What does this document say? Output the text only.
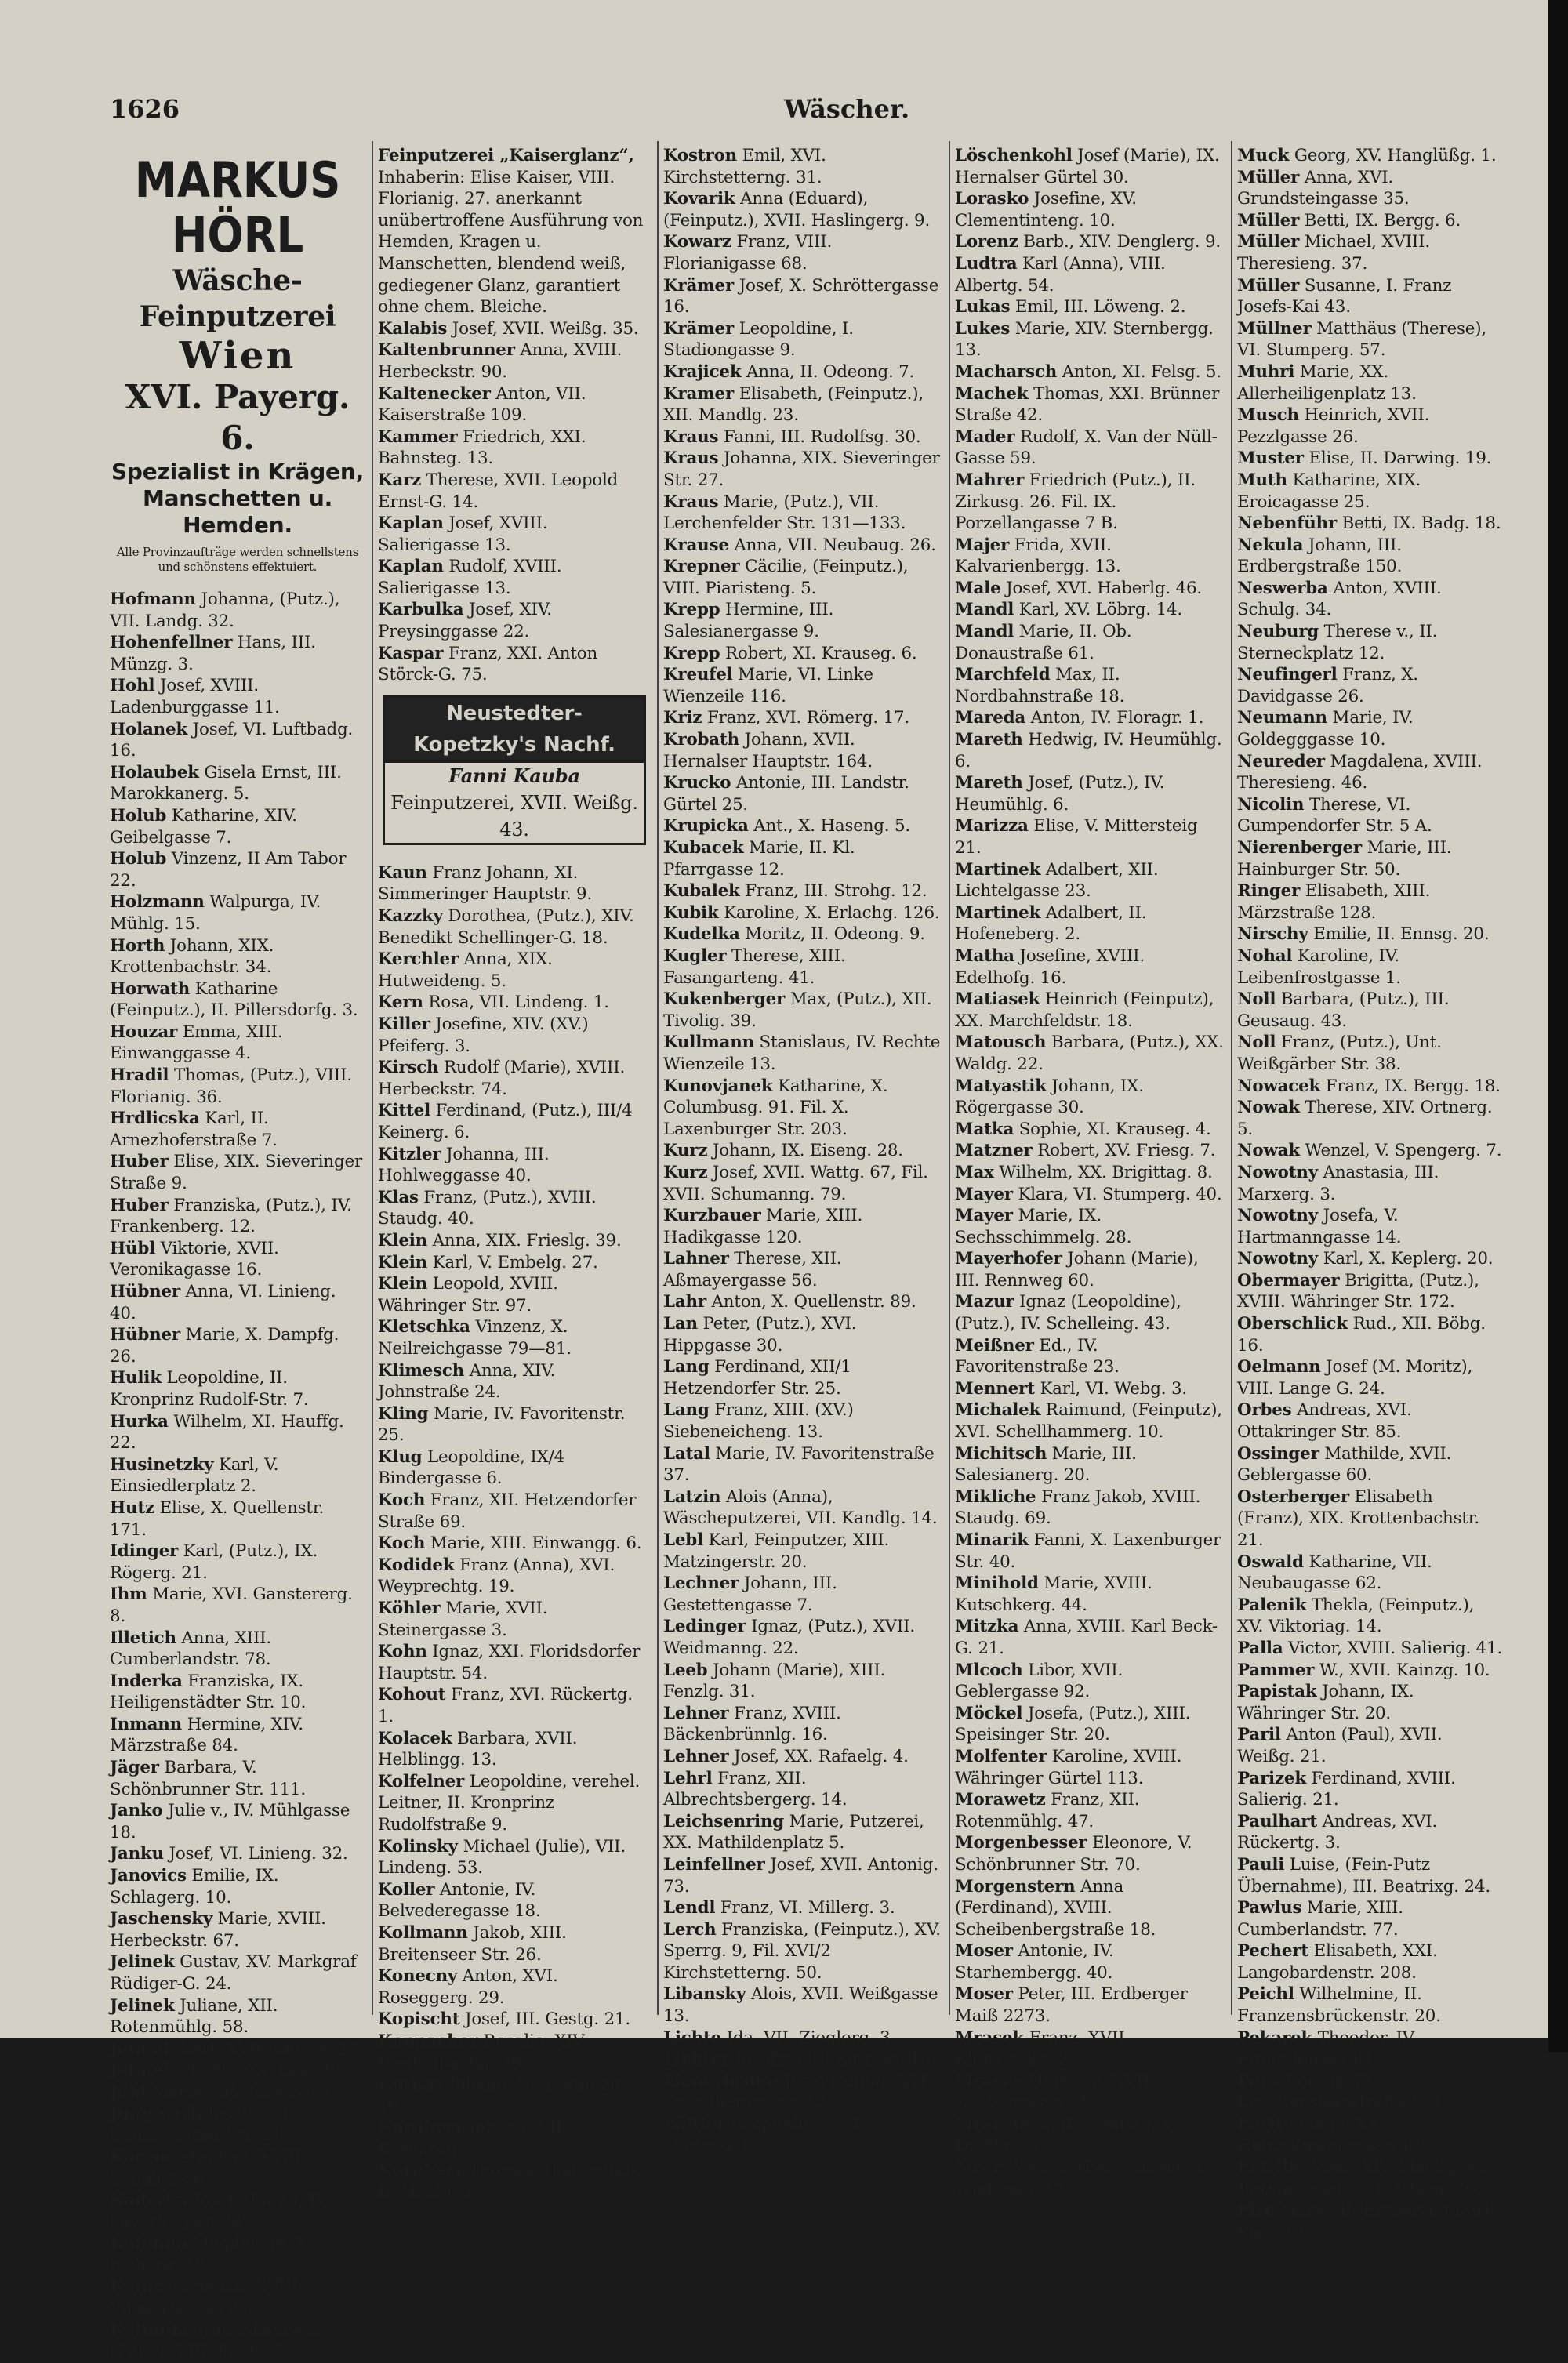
1626	Wäscher.
MARKUS HÖRL
Wäsche-Feinputzerei
Wien
XVI. Payerg. 6.
Spezialist in Krägen,
Manschetten u. Hemden.
Alle Provinzaufträge werden schnellstens und schönstens effektuiert.
Hofmann Johanna, (Putz.), VII. Landg. 32.
Hohenfellner Hans, III. Münzg. 3.
Hohl Josef, XVIII. Ladenburggasse 11.
Holanek Josef, VI. Luftbadg. 16.
Holaubek Gisela Ernst, III. Marokkanerg. 5.
Holub Katharine, XIV. Geibelgasse 7.
Holub Vinzenz, II Am Tabor 22.
Holzmann Walpurga, IV. Mühlg. 15.
Horth Johann, XIX. Krottenbachstr. 34.
Horwath Katharine (Feinputz.), II. Pillersdorfg. 3.
Houzar Emma, XIII. Einwanggasse 4.
Hradil Thomas, (Putz.), VIII. Florianig. 36.
Hrdlicska Karl, II. Arnezhoferstraße 7.
Huber Elise, XIX. Sieveringer Straße 9.
Huber Franziska, (Putz.), IV. Frankenberg. 12.
Hübl Viktorie, XVII. Veronikagasse 16.
Hübner Anna, VI. Linieng. 40.
Hübner Marie, X. Dampfg. 26.
Hulik Leopoldine, II. Kronprinz Rudolf-Str. 7.
Hurka Wilhelm, XI. Hauffg. 22.
Husinetzky Karl, V. Einsiedlerplatz 2.
Hutz Elise, X. Quellenstr. 171.
Idinger Karl, (Putz.), IX. Rögerg. 21.
Ihm Marie, XVI. Ganstererg. 8.
Illetich Anna, XIII. Cumberlandstr. 78.
Inderka Franziska, IX. Heiligenstädter Str. 10.
Inmann Hermine, XIV. Märzstraße 84.
Jäger Barbara, V. Schönbrunner Str. 111.
Janko Julie v., IV. Mühlgasse 18.
Janku Josef, VI. Linieng. 32.
Janovics Emilie, IX. Schlagerg. 10.
Jaschensky Marie, XVIII. Herbeckstr. 67.
Jelinek Gustav, XV. Markgraf Rüdiger-G. 24.
Jelinek Juliane, XII. Rotenmühlg. 58.
Jelinek Karl, XVII. Kulmg. 27.
Jelinek Thekla, XV. Leig. 9.
Jokl Marie, XIV. Grenzg. 3.
Jungwirth Josef, XIII. Baumgartner Str. 21.
Kaczor Stephan, XVIII. Schulgasse 7.
Kaderka Josef, (Putz.), IV. Favoritenstr. 28.
Kafendo Magdalene, XVI. Huberg. 18.
Kainz Christian, XVIII. Vinzenzgasse 24.
Kaltenbrunner Laurenz, (Putz.), VIII. Pfeilg. 5.
Feinputzerei „Kaiserglanz“, Inhaberin: Elise Kaiser, VIII. Florianig. 27. anerkannt unübertroffene Ausführung von Hemden, Kragen u. Manschetten, blendend weiß, gediegener Glanz, garantiert ohne chem. Bleiche.
Kalabis Josef, XVII. Weißg. 35.
Kaltenbrunner Anna, XVIII. Herbeckstr. 90.
Kaltenecker Anton, VII. Kaiserstraße 109.
Kammer Friedrich, XXI. Bahnsteg. 13.
Karz Therese, XVII. Leopold Ernst-G. 14.
Kaplan Josef, XVIII. Salierigasse 13.
Kaplan Rudolf, XVIII. Salierigasse 13.
Karbulka Josef, XIV. Preysinggasse 22.
Kaspar Franz, XXI. Anton Störck-G. 75.
Neustedter-Kopetzky's Nachf.
Fanni Kauba
Feinputzerei, XVII. Weißg. 43.
Kaun Franz Johann, XI. Simmeringer Hauptstr. 9.
Kazzky Dorothea, (Putz.), XIV. Benedikt Schellinger-G. 18.
Kerchler Anna, XIX. Hutweideng. 5.
Kern Rosa, VII. Lindeng. 1.
Killer Josefine, XIV. (XV.) Pfeiferg. 3.
Kirsch Rudolf (Marie), XVIII. Herbeckstr. 74.
Kittel Ferdinand, (Putz.), III/4 Keinerg. 6.
Kitzler Johanna, III. Hohlweggasse 40.
Klas Franz, (Putz.), XVIII. Staudg. 40.
Klein Anna, XIX. Frieslg. 39.
Klein Karl, V. Embelg. 27.
Klein Leopold, XVIII. Währinger Str. 97.
Kletschka Vinzenz, X. Neilreichgasse 79—81.
Klimesch Anna, XIV. Johnstraße 24.
Kling Marie, IV. Favoritenstr. 25.
Klug Leopoldine, IX/4 Bindergasse 6.
Koch Franz, XII. Hetzendorfer Straße 69.
Koch Marie, XIII. Einwangg. 6.
Kodidek Franz (Anna), XVI. Weyprechtg. 19.
Köhler Marie, XVII. Steinergasse 3.
Kohn Ignaz, XXI. Floridsdorfer Hauptstr. 54.
Kohout Franz, XVI. Rückertg. 1.
Kolacek Barbara, XVII. Helblingg. 13.
Kolfelner Leopoldine, verehel. Leitner, II. Kronprinz Rudolfstraße 9.
Kolinsky Michael (Julie), VII. Lindeng. 53.
Koller Antonie, IV. Belvederegasse 18.
Kollmann Jakob, XIII. Breitenseer Str. 26.
Konecny Anton, XVI. Roseggerg. 29.
Kopischt Josef, III. Gestg. 21.
Koppacher Rosalie, XIV. Dieffenbachg. 38.
Korbay Johann, VI. Kaunitzg. 16.
Kornherr Johann, VII. Bernardg. 34.
Kornherr Thomas, (Feinputz.), II. Haidg. 3.
Kostron Emil, XVI. Kirchstetterng. 31.
Kovarik Anna (Eduard), (Feinputz.), XVII. Haslingerg. 9.
Kowarz Franz, VIII. Florianigasse 68.
Krämer Josef, X. Schröttergasse 16.
Krämer Leopoldine, I. Stadiongasse 9.
Krajicek Anna, II. Odeong. 7.
Kramer Elisabeth, (Feinputz.), XII. Mandlg. 23.
Kraus Fanni, III. Rudolfsg. 30.
Kraus Johanna, XIX. Sieveringer Str. 27.
Kraus Marie, (Putz.), VII. Lerchenfelder Str. 131—133.
Krause Anna, VII. Neubaug. 26.
Krepner Cäcilie, (Feinputz.), VIII. Piaristeng. 5.
Krepp Hermine, III. Salesianergasse 9.
Krepp Robert, XI. Krauseg. 6.
Kreufel Marie, VI. Linke Wienzeile 116.
Kriz Franz, XVI. Römerg. 17.
Krobath Johann, XVII. Hernalser Hauptstr. 164.
Krucko Antonie, III. Landstr. Gürtel 25.
Krupicka Ant., X. Haseng. 5.
Kubacek Marie, II. Kl. Pfarrgasse 12.
Kubalek Franz, III. Strohg. 12.
Kubik Karoline, X. Erlachg. 126.
Kudelka Moritz, II. Odeong. 9.
Kugler Therese, XIII. Fasangarteng. 41.
Kukenberger Max, (Putz.), XII. Tivolig. 39.
Kullmann Stanislaus, IV. Rechte Wienzeile 13.
Kunovjanek Katharine, X. Columbusg. 91. Fil. X. Laxenburger Str. 203.
Kurz Johann, IX. Eiseng. 28.
Kurz Josef, XVII. Wattg. 67, Fil. XVII. Schumanng. 79.
Kurzbauer Marie, XIII. Hadikgasse 120.
Lahner Therese, XII. Aßmayergasse 56.
Lahr Anton, X. Quellenstr. 89.
Lan Peter, (Putz.), XVI. Hippgasse 30.
Lang Ferdinand, XII/1 Hetzendorfer Str. 25.
Lang Franz, XIII. (XV.) Siebeneicheng. 13.
Latal Marie, IV. Favoritenstraße 37.
Latzin Alois (Anna), Wäscheputzerei, VII. Kandlg. 14.
Lebl Karl, Feinputzer, XIII. Matzingerstr. 20.
Lechner Johann, III. Gestettengasse 7.
Ledinger Ignaz, (Putz.), XVII. Weidmanng. 22.
Leeb Johann (Marie), XIII. Fenzlg. 31.
Lehner Franz, XVIII. Bäckenbrünnlg. 16.
Lehner Josef, XX. Rafaelg. 4.
Lehrl Franz, XII. Albrechtsbergerg. 14.
Leichsenring Marie, Putzerei, XX. Mathildenplatz 5.
Leinfellner Josef, XVII. Antonig. 73.
Lendl Franz, VI. Millerg. 3.
Lerch Franziska, (Feinputz.), XV. Sperrg. 9, Fil. XVI/2 Kirchstetterng. 50.
Libansky Alois, XVII. Weißgasse 13.
Lichte Ida, VII. Zieglerg. 3.
Lichter Josefine, II. Zirkusg. 15.
Lienerbrünn Josef (Anna), XVI. Schellhammerg. 13.
Löffler Leopoldine, VII. Lindeng. 8.
Löschenkohl Josef (Marie), IX. Hernalser Gürtel 30.
Lorasko Josefine, XV. Clementinteng. 10.
Lorenz Barb., XIV. Denglerg. 9.
Ludtra Karl (Anna), VIII. Albertg. 54.
Lukas Emil, III. Löweng. 2.
Lukes Marie, XIV. Sternbergg. 13.
Macharsch Anton, XI. Felsg. 5.
Machek Thomas, XXI. Brünner Straße 42.
Mader Rudolf, X. Van der Nüll-Gasse 59.
Mahrer Friedrich (Putz.), II. Zirkusg. 26. Fil. IX. Porzellangasse 7 B.
Majer Frida, XVII. Kalvarienbergg. 13.
Male Josef, XVI. Haberlg. 46.
Mandl Karl, XV. Löbrg. 14.
Mandl Marie, II. Ob. Donaustraße 61.
Marchfeld Max, II. Nordbahnstraße 18.
Mareda Anton, IV. Floragr. 1.
Mareth Hedwig, IV. Heumühlg. 6.
Mareth Josef, (Putz.), IV. Heumühlg. 6.
Marizza Elise, V. Mittersteig 21.
Martinek Adalbert, XII. Lichtelgasse 23.
Martinek Adalbert, II. Hofeneberg. 2.
Matha Josefine, XVIII. Edelhofg. 16.
Matiasek Heinrich (Feinputz), XX. Marchfeldstr. 18.
Matousch Barbara, (Putz.), XX. Waldg. 22.
Matyastik Johann, IX. Rögergasse 30.
Matka Sophie, XI. Krauseg. 4.
Matzner Robert, XV. Friesg. 7.
Max Wilhelm, XX. Brigittag. 8.
Mayer Klara, VI. Stumperg. 40.
Mayer Marie, IX. Sechsschimmelg. 28.
Mayerhofer Johann (Marie), III. Rennweg 60.
Mazur Ignaz (Leopoldine), (Putz.), IV. Schelleing. 43.
Meißner Ed., IV. Favoritenstraße 23.
Mennert Karl, VI. Webg. 3.
Michalek Raimund, (Feinputz), XVI. Schellhammerg. 10.
Michitsch Marie, III. Salesianerg. 20.
Mikliche Franz Jakob, XVIII. Staudg. 69.
Minarik Fanni, X. Laxenburger Str. 40.
Minihold Marie, XVIII. Kutschkerg. 44.
Mitzka Anna, XVIII. Karl Beck-G. 21.
Mlcoch Libor, XVII. Geblergasse 92.
Möckel Josefa, (Putz.), XIII. Speisinger Str. 20.
Molfenter Karoline, XVIII. Währinger Gürtel 113.
Morawetz Franz, XII. Rotenmühlg. 47.
Morgenbesser Eleonore, V. Schönbrunner Str. 70.
Morgenstern Anna (Ferdinand), XVIII. Scheibenbergstraße 18.
Moser Antonie, IV. Starhembergg. 40.
Moser Peter, III. Erdberger Maiß 2273.
Mrasek Franz, XVII. Klopstockg. 29.
Mrasek Heinrich, XVII. Zaubergasse 31.
Mraz Anna, (Feinputz.), V. Dieblg. 47.
Mraz Wenzel, (Feinputzer), X. Wielandg. 17.
Muck Georg, XV. Hanglüßg. 1.
Müller Anna, XVI. Grundsteingasse 35.
Müller Betti, IX. Bergg. 6.
Müller Michael, XVIII. Theresieng. 37.
Müller Susanne, I. Franz Josefs-Kai 43.
Müllner Matthäus (Therese), VI. Stumperg. 57.
Muhri Marie, XX. Allerheiligenplatz 13.
Musch Heinrich, XVII. Pezzlgasse 26.
Muster Elise, II. Darwing. 19.
Muth Katharine, XIX. Eroicagasse 25.
Nebenführ Betti, IX. Badg. 18.
Nekula Johann, III. Erdbergstraße 150.
Neswerba Anton, XVIII. Schulg. 34.
Neuburg Therese v., II. Sterneckplatz 12.
Neufingerl Franz, X. Davidgasse 26.
Neumann Marie, IV. Goldegggasse 10.
Neureder Magdalena, XVIII. Theresieng. 46.
Nicolin Therese, VI. Gumpendorfer Str. 5 A.
Nierenberger Marie, III. Hainburger Str. 50.
Ringer Elisabeth, XIII. Märzstraße 128.
Nirschy Emilie, II. Ennsg. 20.
Nohal Karoline, IV. Leibenfrostgasse 1.
Noll Barbara, (Putz.), III. Geusaug. 43.
Noll Franz, (Putz.), Unt. Weißgärber Str. 38.
Nowacek Franz, IX. Bergg. 18.
Nowak Therese, XIV. Ortnerg. 5.
Nowak Wenzel, V. Spengerg. 7.
Nowotny Anastasia, III. Marxerg. 3.
Nowotny Josefa, V. Hartmanngasse 14.
Nowotny Karl, X. Keplerg. 20.
Obermayer Brigitta, (Putz.), XVIII. Währinger Str. 172.
Oberschlick Rud., XII. Böbg. 16.
Oelmann Josef (M. Moritz), VIII. Lange G. 24.
Orbes Andreas, XVI. Ottakringer Str. 85.
Ossinger Mathilde, XVII. Geblergasse 60.
Osterberger Elisabeth (Franz), XIX. Krottenbachstr. 21.
Oswald Katharine, VII. Neubaugasse 62.
Palenik Thekla, (Feinputz.), XV. Viktoriag. 14.
Palla Victor, XVIII. Salierig. 41.
Pammer W., XVII. Kainzg. 10.
Papistak Johann, IX. Währinger Str. 20.
Paril Anton (Paul), XVII. Weißg. 21.
Parizek Ferdinand, XVIII. Salierig. 21.
Paulhart Andreas, XVI. Rückertg. 3.
Pauli Luise, (Fein-Putz Übernahme), III. Beatrixg. 24.
Pawlus Marie, XIII. Cumberlandstr. 77.
Pechert Elisabeth, XXI. Langobardenstr. 208.
Peichl Wilhelmine, II. Franzensbrückenstr. 20.
Pekarek Theodor, IV. Freundgasse 13.
Penz Lorenz, IX. Liechtensteinstraße 132.
Pertl Johann, XX. Heinzelmanngasse 12.
Petrilla Josef, XIV. Flachg. 42.
Petrus Josefa, VI. Alleeg. 30.
Pirc Marie, II. Erzherzog Karl-Platz 14.
